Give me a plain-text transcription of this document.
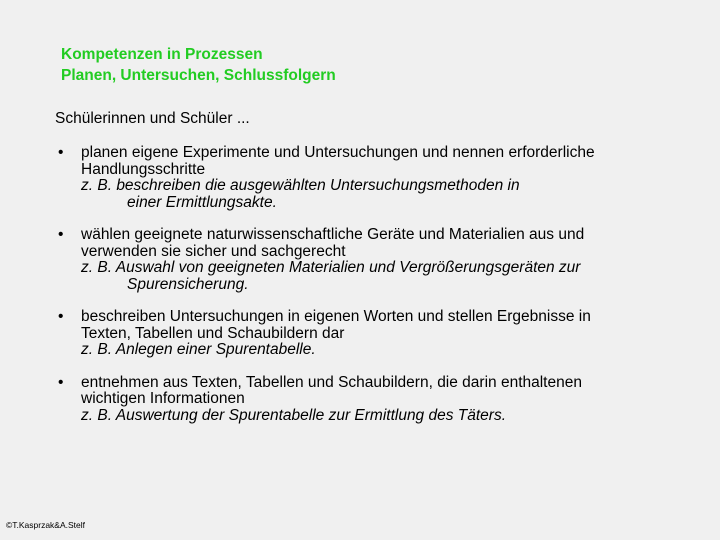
Kompetenzen in Prozessen
Planen, Untersuchen, Schlussfolgern
Schülerinnen und Schüler ...
• planen eigene Experimente und Untersuchungen und nennen erforderliche
Handlungsschritte
z. B. beschreiben die ausgewählten Untersuchungsmethoden in
einer Ermittlungsakte.
• wählen geeignete naturwissenschaftliche Geräte und Materialien aus und
verwenden sie sicher und sachgerecht
z. B. Auswahl von geeigneten Materialien und Vergrößerungsgeräten zur
Spurensicherung.
• beschreiben Untersuchungen in eigenen Worten und stellen Ergebnisse in
Texten, Tabellen und Schaubildern dar
z. B. Anlegen einer Spurentabelle.
• entnehmen aus Texten, Tabellen und Schaubildern, die darin enthaltenen
wichtigen Informationen
z. B. Auswertung der Spurentabelle zur Ermittlung des Täters.
©T.Kasprzak&A.Stelf
